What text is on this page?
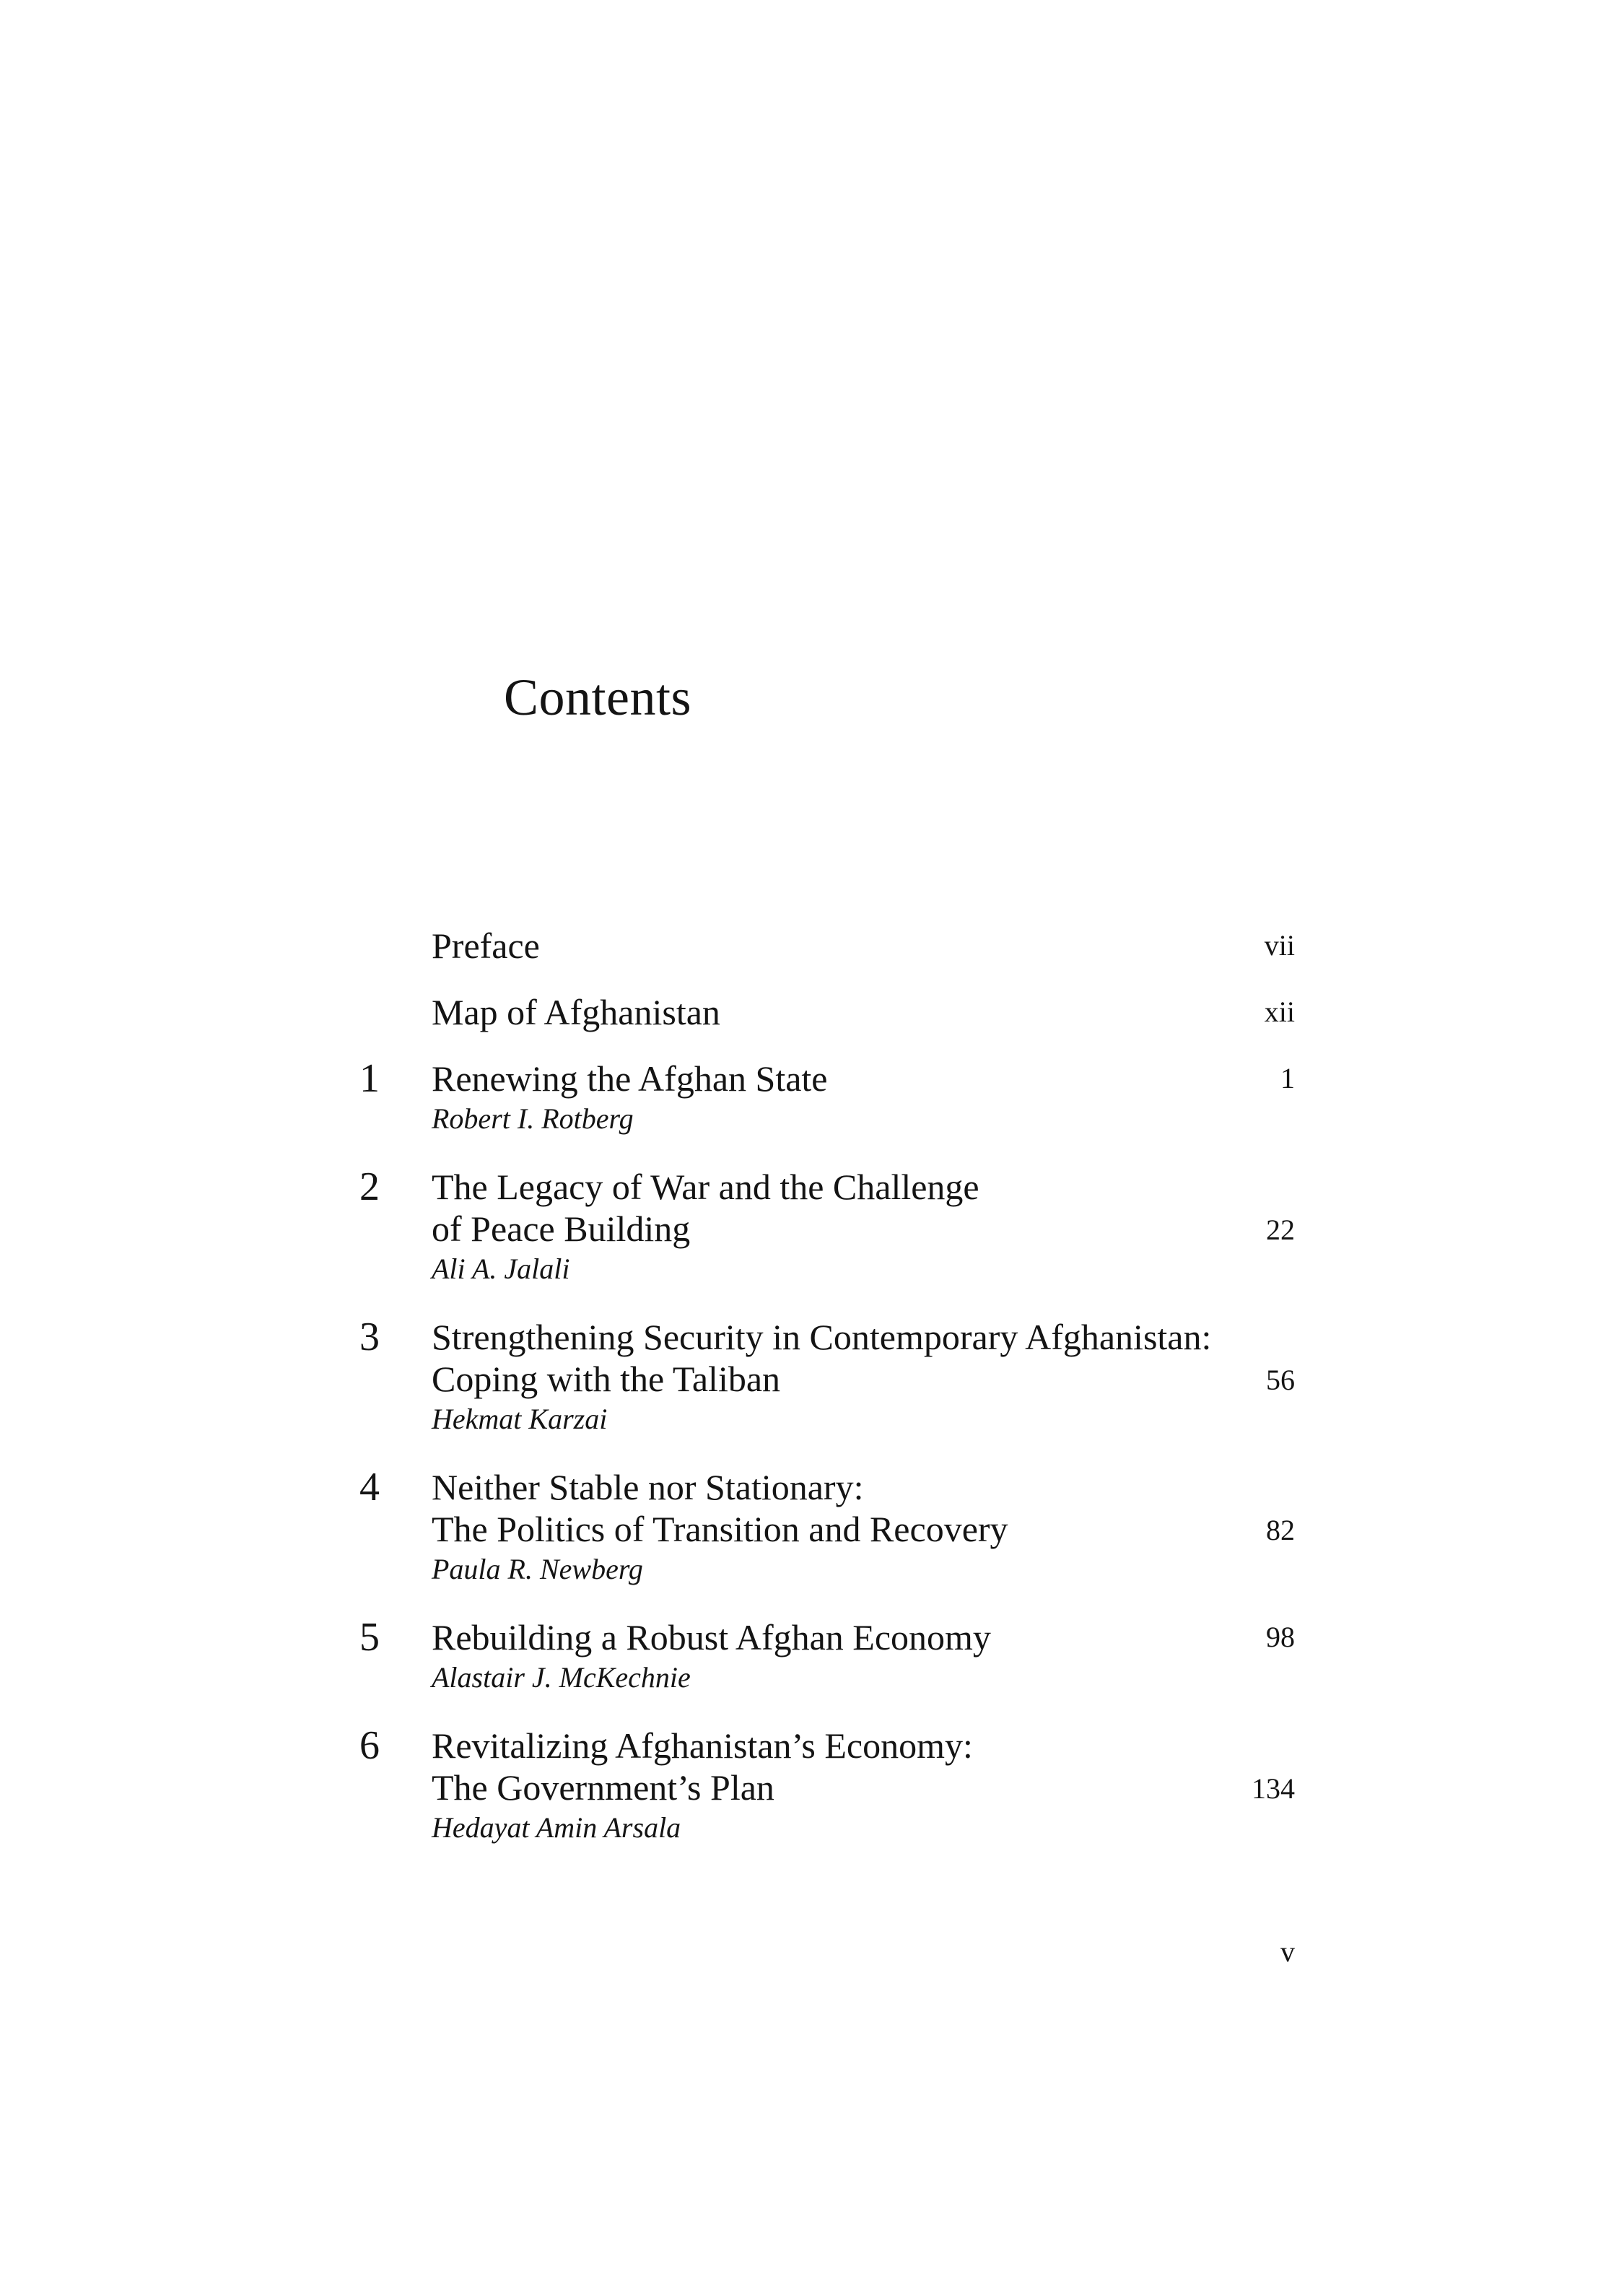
Contents
Preface	vii
Map of Afghanistan	xii
1 Renewing the Afghan State	1
Robert I. Rotberg
2 The Legacy of War and the Challenge
of Peace Building	22
Ali A. Jalali
3 Strengthening Security in Contemporary Afghanistan:
Coping with the Taliban	56
Hekmat Karzai
4 Neither Stable nor Stationary:
The Politics of Transition and Recovery	82
Paula R. Newberg
5 Rebuilding a Robust Afghan Economy	98
Alastair J. McKechnie
6 Revitalizing Afghanistan’s Economy:
The Government’s Plan	134
Hedayat Amin Arsala
v
